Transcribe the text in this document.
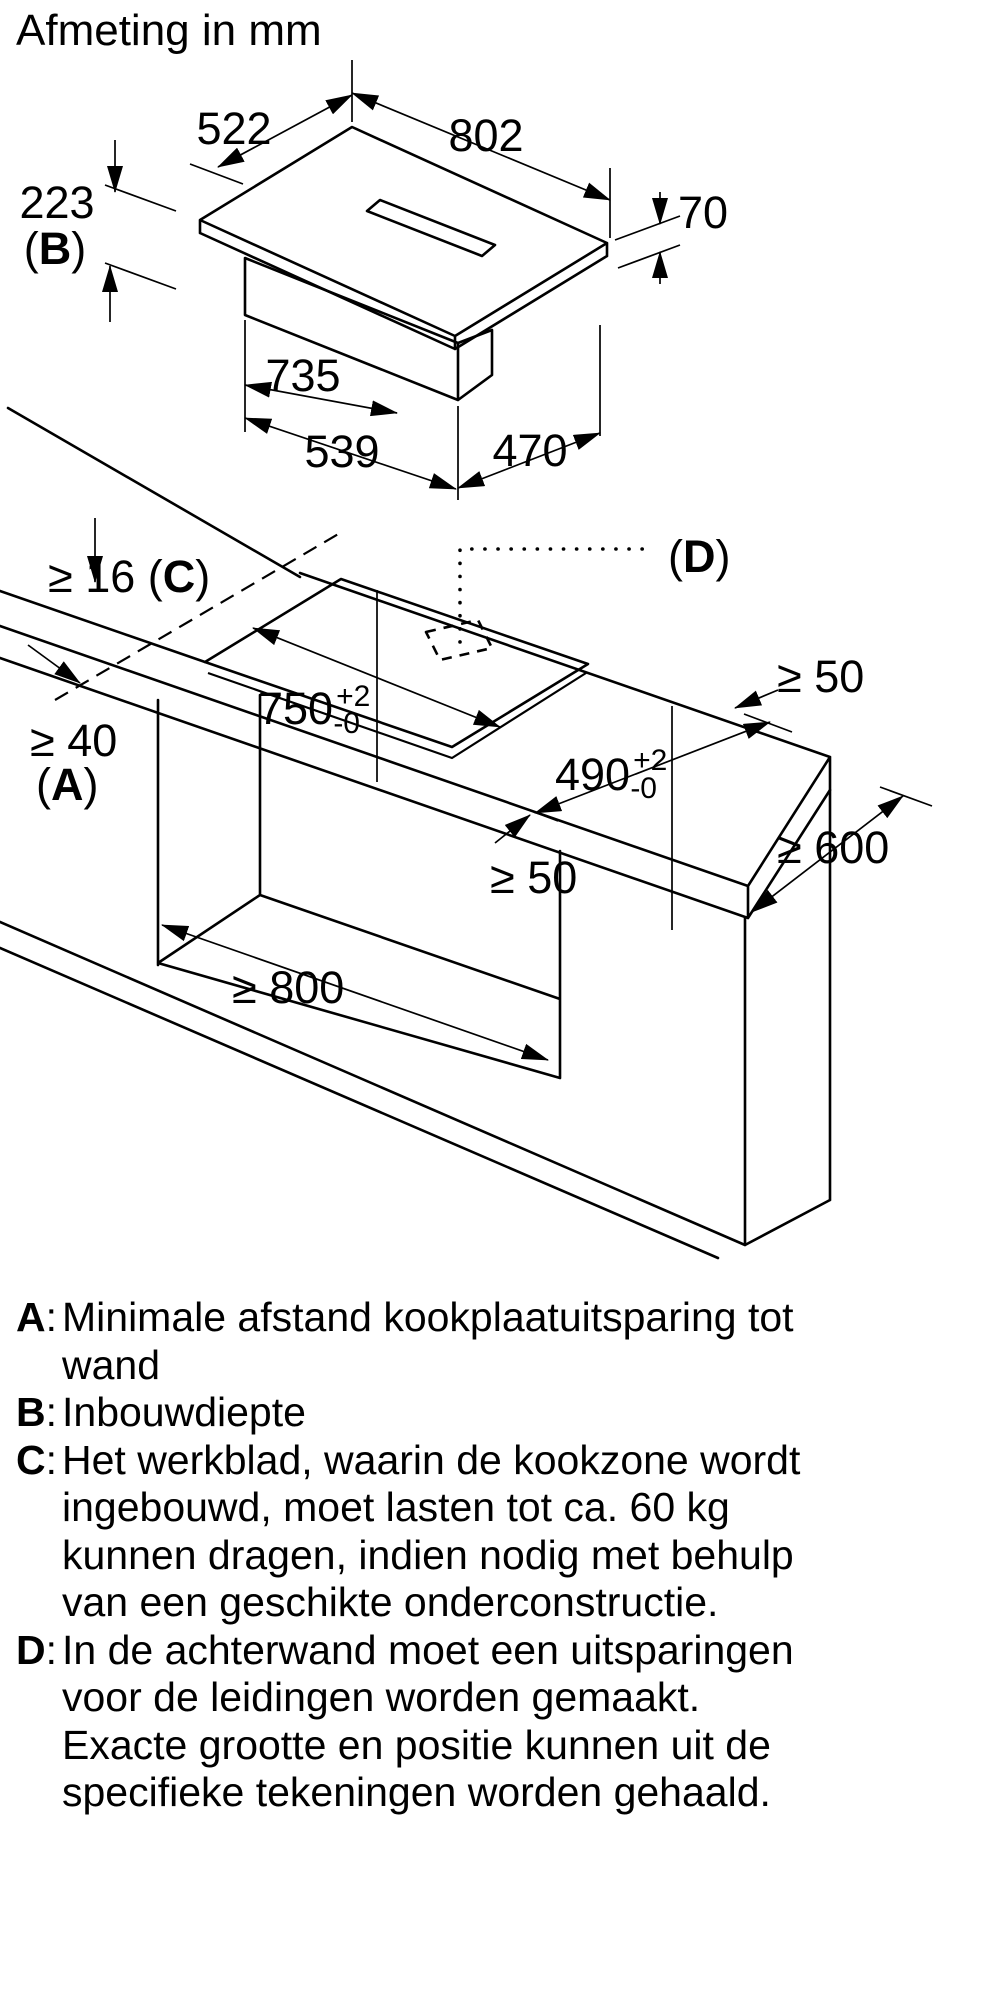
Afmeting in mm
522	802
70
223
(B)
735
539	470
≥ 16 (C)
≥ 40
(A)
750 $^{+2}$ -0
490 $^{+2}$ -0
≥ 50
≥ 50
≥ 600
≥ 800
(D)
A: Minimale afstand kookplaatuitsparing tot wand
B: Inbouwdiepte
C: Het werkblad, waarin de kookzone wordt ingebouwd, moet lasten tot ca. 60 kg kunnen dragen, indien nodig met behulp van een geschikte onderconstructie.
D: In de achterwand moet een uitsparingen voor de leidingen worden gemaakt. Exacte grootte en positie kunnen uit de specifieke tekeningen worden gehaald.
